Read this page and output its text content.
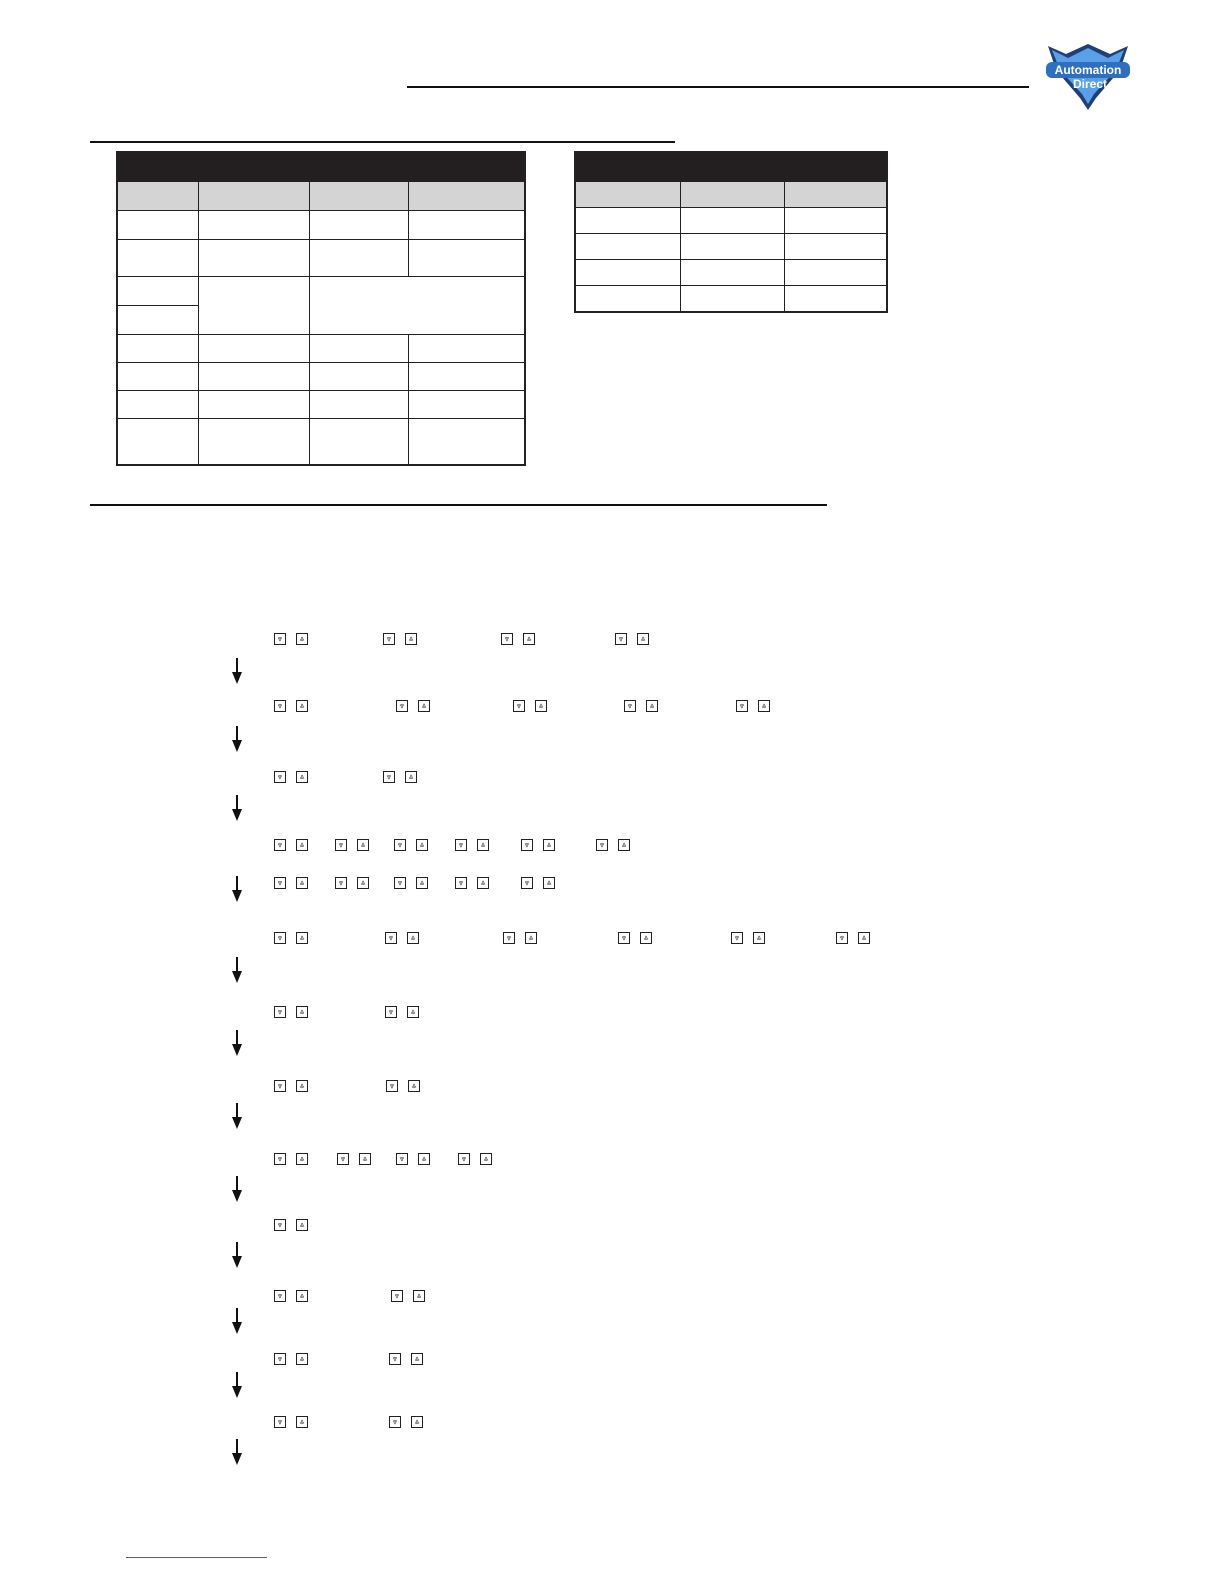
Automation
Direct

⩔	⩓	⩔	⩓	⩔	⩓	⩔	⩓
⩔	⩓	⩔	⩓	⩔	⩓	⩔	⩓	⩔	⩓
⩔	⩓	⩔	⩓
⩔	⩓	⩔	⩓	⩔	⩓	⩔	⩓	⩔	⩓	⩔	⩓
⩔	⩓	⩔	⩓	⩔	⩓	⩔	⩓	⩔	⩓
⩔	⩓	⩔	⩓	⩔	⩓	⩔	⩓	⩔	⩓	⩔	⩓
⩔	⩓	⩔	⩓
⩔	⩓	⩔	⩓
⩔	⩓	⩔	⩓	⩔	⩓	⩔	⩓
⩔	⩓
⩔	⩓	⩔	⩓
⩔	⩓	⩔	⩓
⩔	⩓	⩔	⩓
